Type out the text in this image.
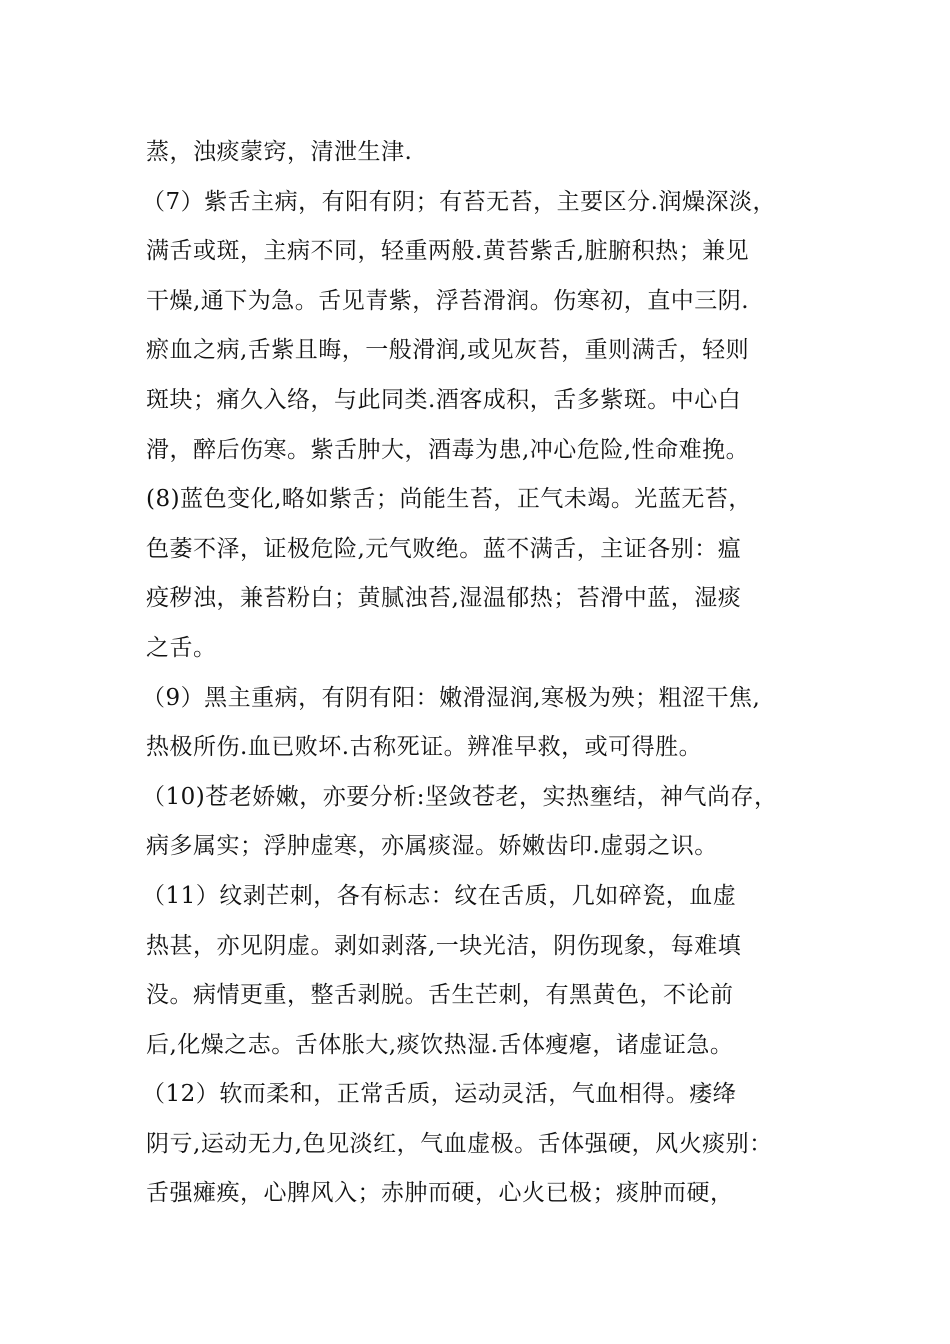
蒸，浊痰蒙窍，清泄生津.
（7）紫舌主病，有阳有阴；有苔无苔，主要区分.润燥深淡，
满舌或斑，主病不同，轻重两般.黄苔紫舌,脏腑积热；兼见
干燥,通下为急。舌见青紫，浮苔滑润。伤寒初，直中三阴.
瘀血之病,舌紫且晦，一般滑润,或见灰苔，重则满舌，轻则
斑块；痛久入络，与此同类.酒客成积，舌多紫斑。中心白
滑，醉后伤寒。紫舌肿大，酒毒为患,冲心危险,性命难挽。
(8)蓝色变化,略如紫舌；尚能生苔，正气未竭。光蓝无苔，
色萎不泽，证极危险,元气败绝。蓝不满舌，主证各别：瘟
疫秽浊，兼苔粉白；黄腻浊苔,湿温郁热；苔滑中蓝，湿痰
之舌。
（9）黑主重病，有阴有阳：嫩滑湿润,寒极为殃；粗涩干焦,
热极所伤.血已败坏.古称死证。辨准早救，或可得胜。
（10)苍老娇嫩，亦要分析:坚敛苍老，实热壅结，神气尚存，
病多属实；浮肿虚寒，亦属痰湿。娇嫩齿印.虚弱之识。
（11）纹剥芒刺，各有标志：纹在舌质，几如碎瓷，血虚
热甚，亦见阴虚。剥如剥落,一块光洁，阴伤现象，每难填
没。病情更重，整舌剥脱。舌生芒刺，有黑黄色，不论前
后,化燥之志。舌体胀大,痰饮热湿.舌体瘦瘪，诸虚证急。
（12）软而柔和，正常舌质，运动灵活，气血相得。痿绛
阴亏,运动无力,色见淡红，气血虚极。舌体强硬，风火痰别：
舌强瘫痪，心脾风入；赤肿而硬，心火已极；痰肿而硬，
